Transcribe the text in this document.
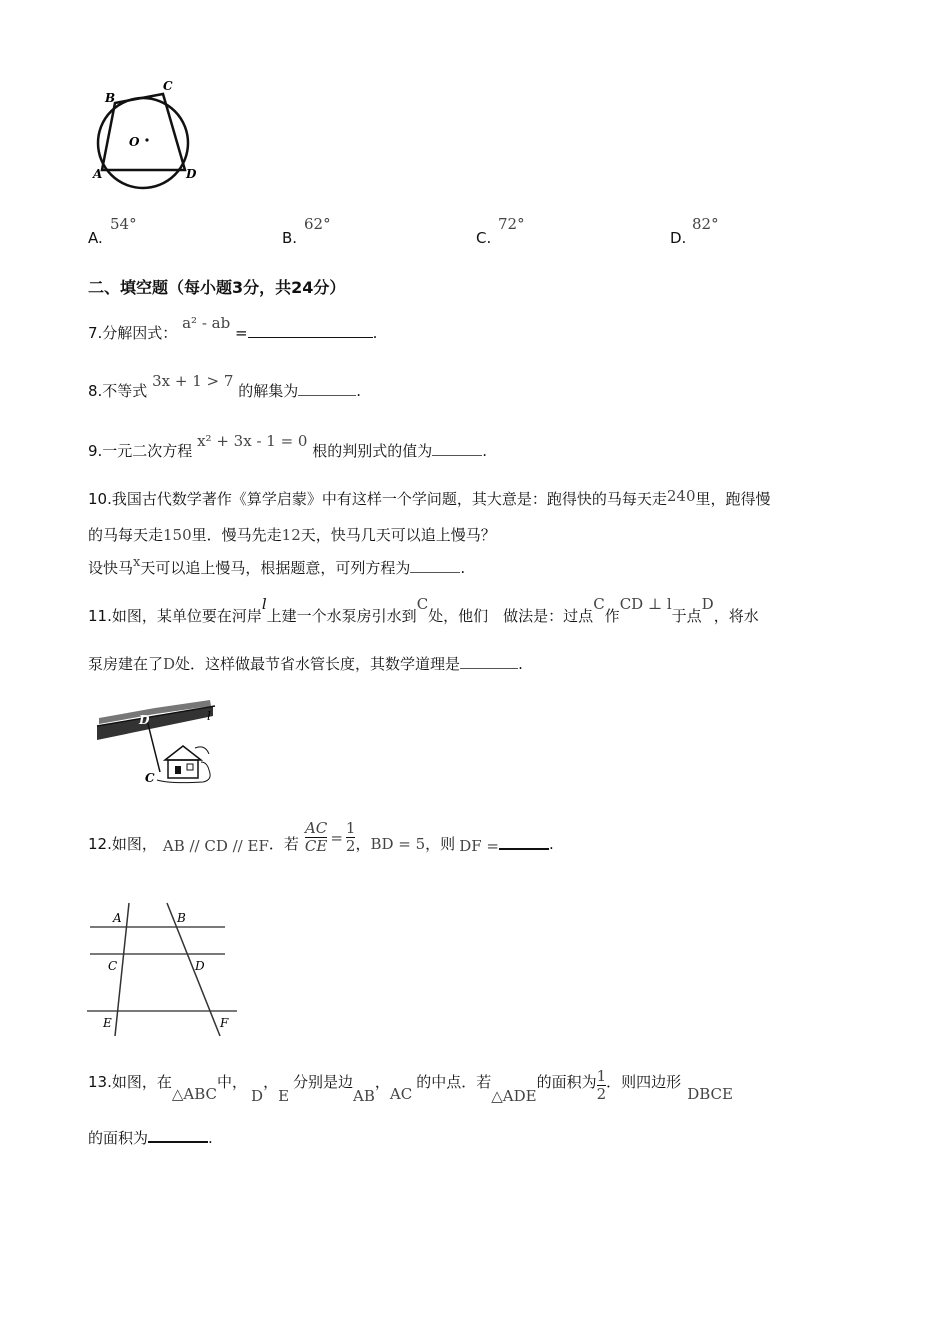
B
C
O
A	D
A.
54°
B.
62°
C.
72°
D.
82°
二、填空题（每小题3分，共24分）
7.分解因式： a² - ab =	.
8.不等式 3x + 1 > 7 的解集为	.
9.一元二次方程 x² + 3x - 1 = 0 根的判别式的值为	.
10.我国古代数学著作《算学启蒙》中有这样一个学问题，其大意是：跑得快的马每天走240里，跑得慢
的马每天走150里．慢马先走12天，快马几天可以追上慢马？
设快马x天可以追上慢马，根据题意，可列方程为	.
11.如图，某单位要在河岸l上建一个水泵房引水到C处，他们　做法是：过点C作CD ⊥ l于点D，将水
泵房建在了D处．这样做最节省水管长度，其数学道理是	.
D	l
C
12.如图， AB // CD // EF ．若 $\frac{AC}{CE} = \frac{1}{2}$ ， BD = 5 ，则 DF =	.
A	B
C	D
E	F
13.如图，在
△ABC
中，
D
，
E
分别是边
AB
，
AC
的中点．若
△ADE
的面积为 $\frac{1}{2}$ ．则四边形
DBCE
的面积为	.
